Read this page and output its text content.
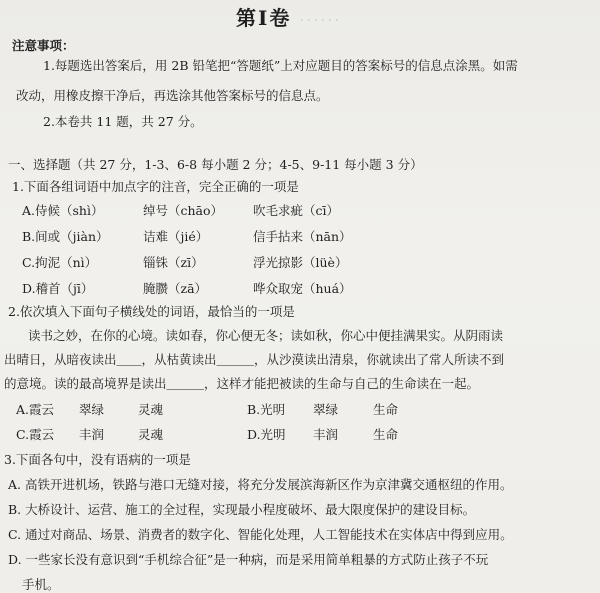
· · · · · ·
第Ⅰ卷
注意事项：
1.每题选出答案后，用 2B 铅笔把“答题纸”上对应题目的答案标号的信息点涂黑。如需
改动，用橡皮擦干净后，再选涂其他答案标号的信息点。
2.本卷共 11 题，共 27 分。
一、选择题（共 27 分，1-3、6-8 每小题 2 分；4-5、9-11 每小题 3 分）
1.下面各组词语中加点字的注音，完全正确的一项是
A.侍候（shì）	绰号（chāo） 吹毛求疵（cī）
B.间或（jiàn）	诘难（jié）	信手拈来（nān）
C.拘泥（nì）	锱铢（zī）	浮光掠影（lüè）
D.稽首（jī）	腌臜（zā）	哗众取宠（huá）
2.依次填入下面句子横线处的词语，最恰当的一项是
读书之妙，在你的心境。读如春，你心便无冬；读如秋，你心中便挂满果实。从阴雨读
出晴日，从暗夜读出＿＿，从枯黄读出＿＿＿，从沙漠读出清泉，你就读出了常人所读不到
的意境。读的最高境界是读出＿＿＿，这样才能把被读的生命与自己的生命读在一起。
A.霞云 翠绿	灵魂	B.光明 翠绿	生命
C.霞云 丰润	灵魂	D.光明 丰润	生命
3.下面各句中，没有语病的一项是
A. 高铁开进机场，铁路与港口无缝对接，将充分发展滨海新区作为京津冀交通枢纽的作用。
B. 大桥设计、运营、施工的全过程，实现最小程度破坏、最大限度保护的建设目标。
C. 通过对商品、场景、消费者的数字化、智能化处理，人工智能技术在实体店中得到应用。
D. 一些家长没有意识到“手机综合征”是一种病，而是采用简单粗暴的方式防止孩子不玩
手机。
